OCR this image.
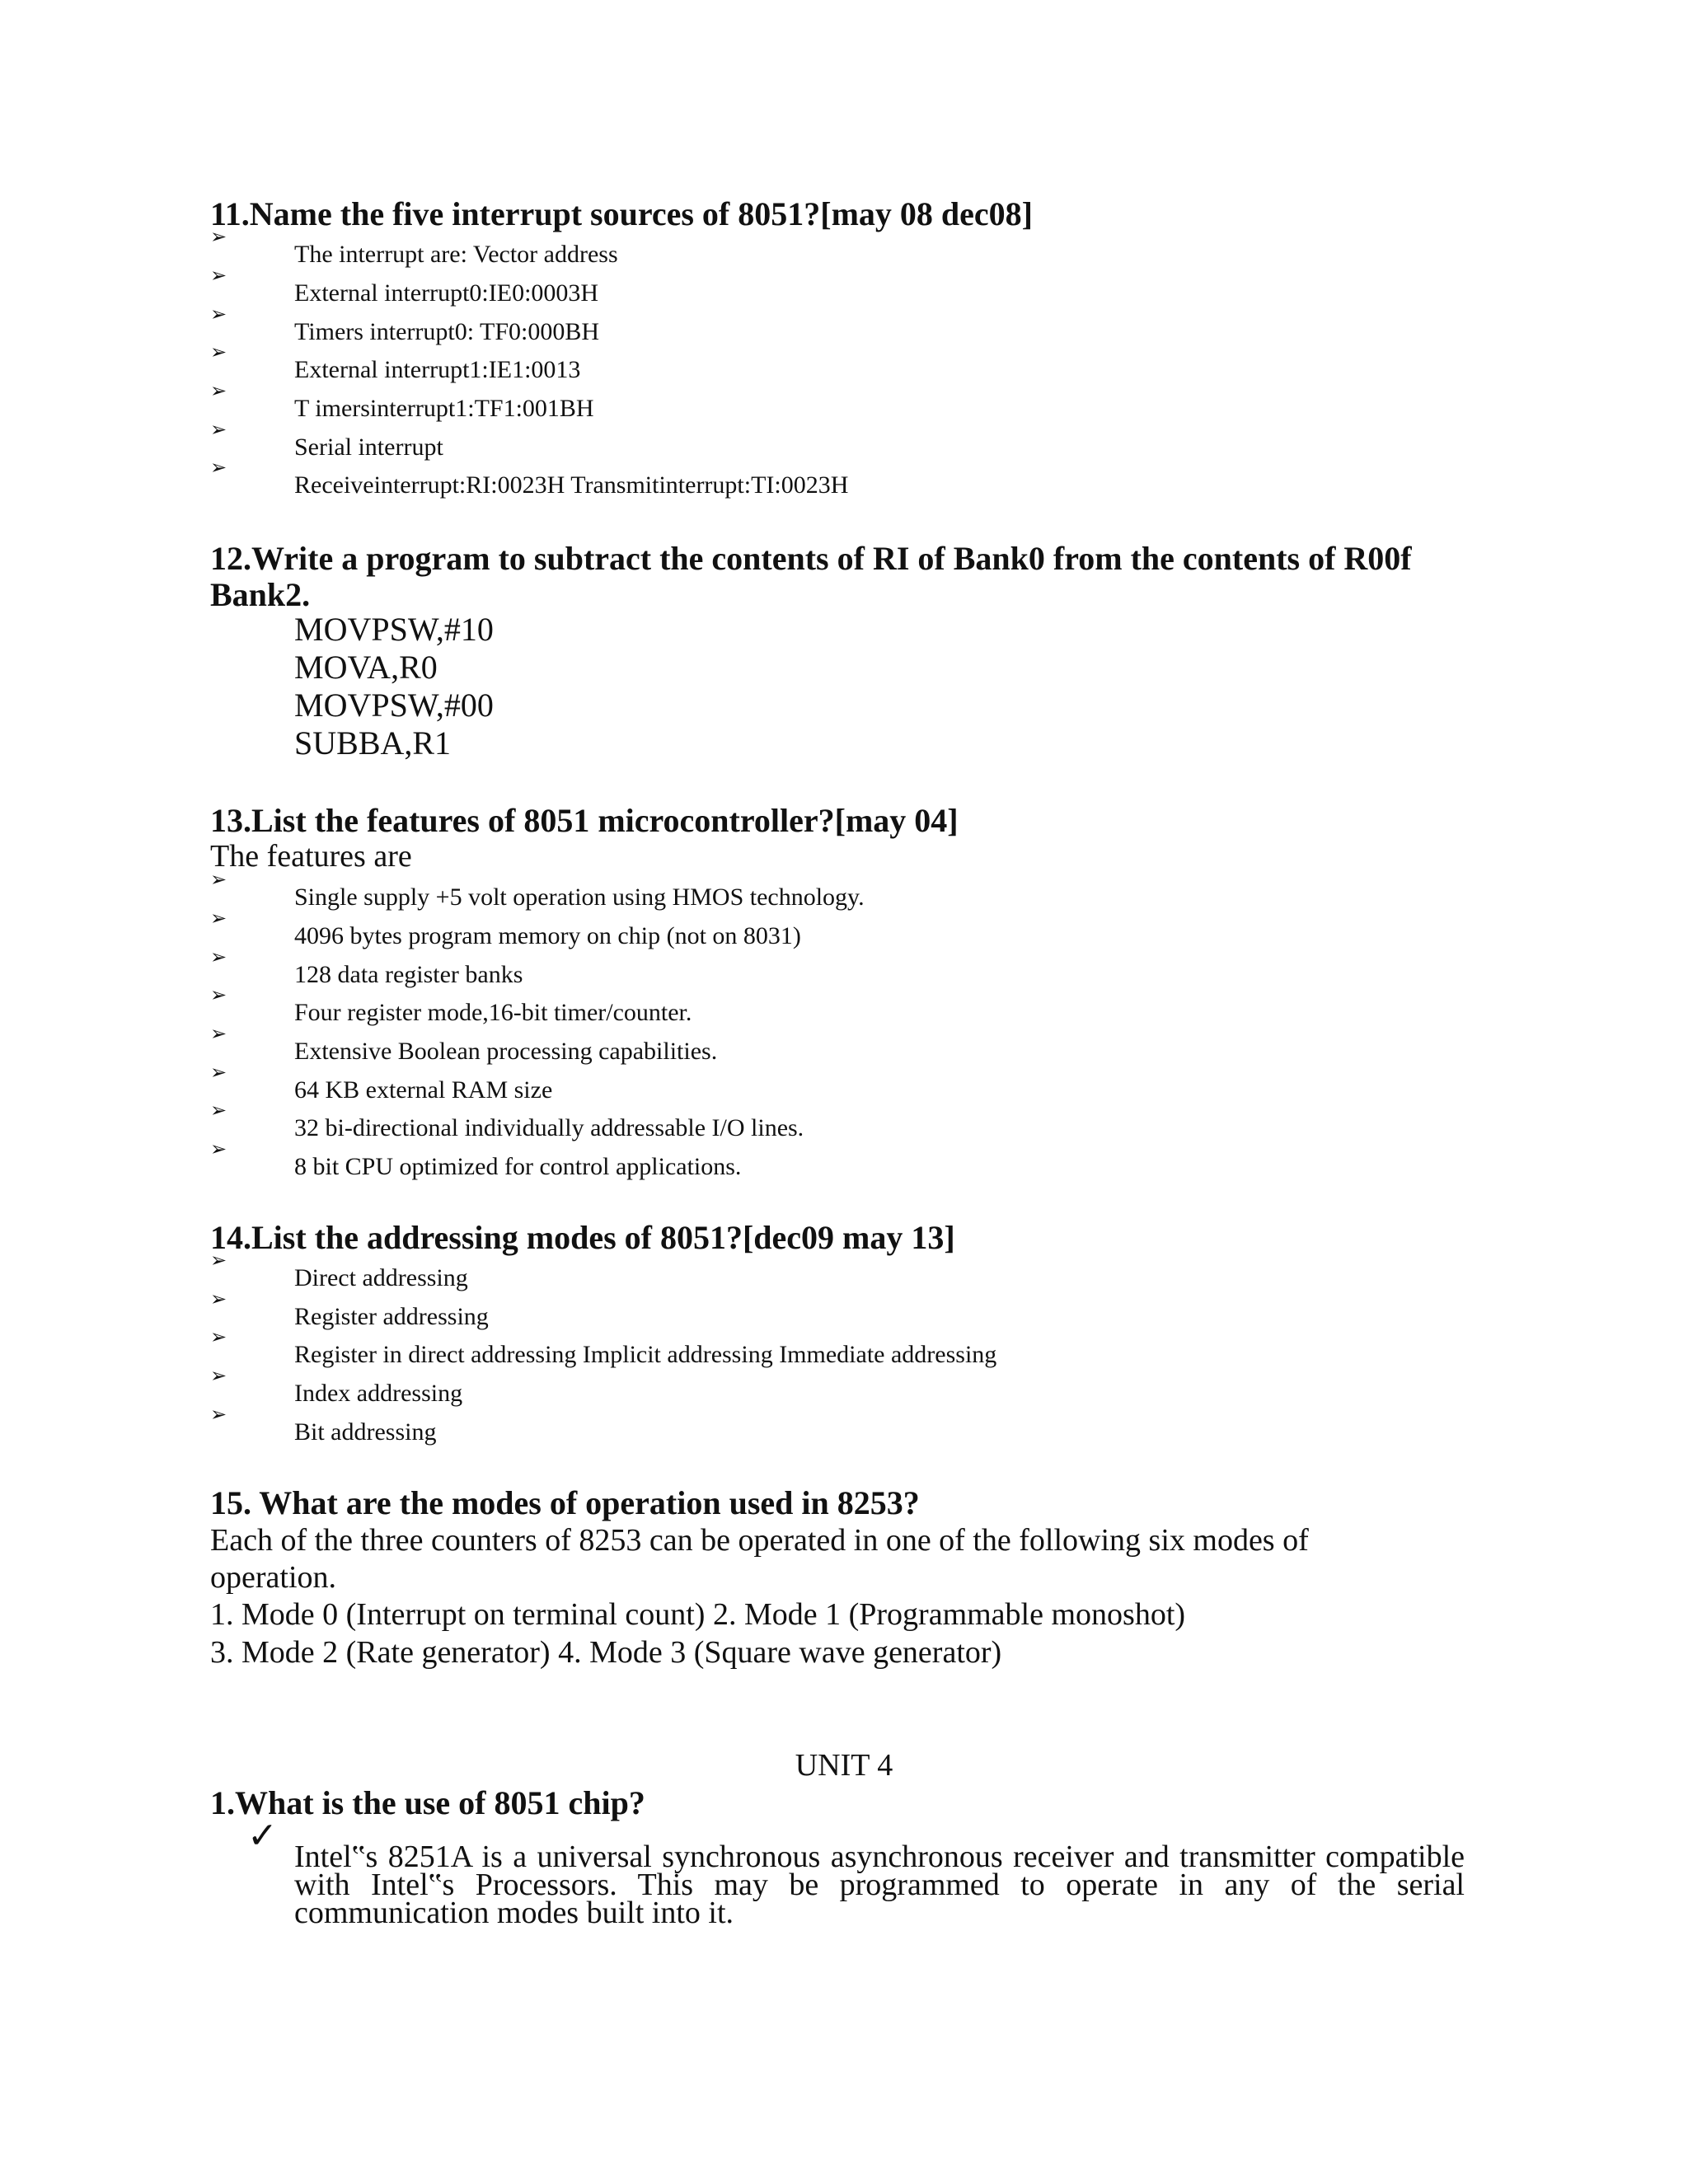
11.Name the five interrupt sources of 8051?[may 08 dec08]
➢
The interrupt are: Vector address
➢
External interrupt0:IE0:0003H
➢
Timers interrupt0: TF0:000BH
➢
External interrupt1:IE1:0013
➢
T imersinterrupt1:TF1:001BH
➢
Serial interrupt
➢
Receiveinterrupt:RI:0023H Transmitinterrupt:TI:0023H
12.Write a program to subtract the contents of RI of Bank0 from the contents of R00f Bank2.
MOVPSW,#10
MOVA,R0
MOVPSW,#00
SUBBA,R1
13.List the features of 8051 microcontroller?[may 04]
The features are
➢
Single supply +5 volt operation using HMOS technology.
➢
4096 bytes program memory on chip (not on 8031)
➢
128 data register banks
➢
Four register mode,16-bit timer/counter.
➢
Extensive Boolean processing capabilities.
➢
64 KB external RAM size
➢
32 bi-directional individually addressable I/O lines.
➢
8 bit CPU optimized for control applications.
14.List the addressing modes of 8051?[dec09 may 13]
➢
Direct addressing
➢
Register addressing
➢
Register in direct addressing Implicit addressing Immediate addressing
➢
Index addressing
➢
Bit addressing
15. What are the modes of operation used in 8253?
Each of the three counters of 8253 can be operated in one of the following six modes of
operation.
1. Mode 0 (Interrupt on terminal count) 2. Mode 1 (Programmable monoshot)
3. Mode 2 (Rate generator) 4. Mode 3 (Square wave generator)
UNIT 4
1.What is the use of 8051 chip?
✓

Intel‟s 8251A is a universal synchronous asynchronous receiver and transmitter compatible with Intel‟s Processors. This may be programmed to operate in any of the serial communication modes built into it.
